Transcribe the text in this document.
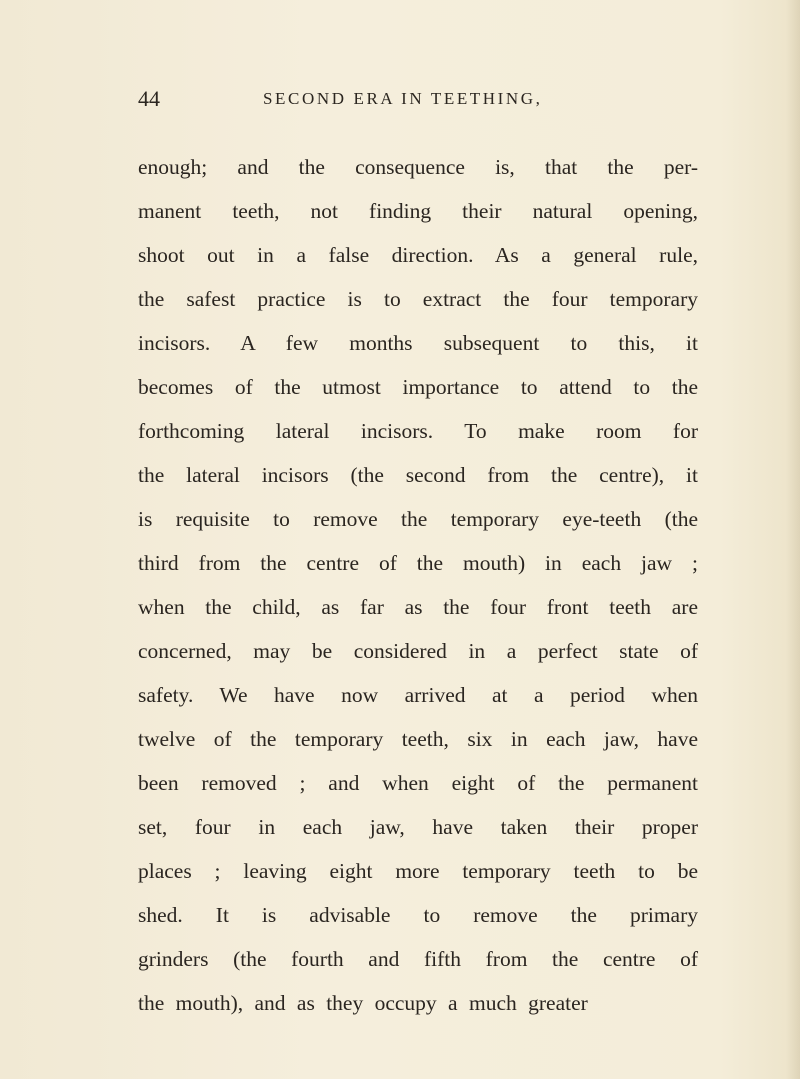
44	SECOND ERA IN TEETHING,
enough; and the consequence is, that the per-
manent teeth, not finding their natural opening,
shoot out in a false direction. As a general rule,
the safest practice is to extract the four temporary
incisors. A few months subsequent to this, it
becomes of the utmost importance to attend to the
forthcoming lateral incisors. To make room for
the lateral incisors (the second from the centre), it
is requisite to remove the temporary eye-teeth (the
third from the centre of the mouth) in each jaw ;
when the child, as far as the four front teeth are
concerned, may be considered in a perfect state of
safety. We have now arrived at a period when
twelve of the temporary teeth, six in each jaw, have
been removed ; and when eight of the permanent
set, four in each jaw, have taken their proper
places ; leaving eight more temporary teeth to be
shed. It is advisable to remove the primary
grinders (the fourth and fifth from the centre of
the mouth), and as they occupy a much greater
